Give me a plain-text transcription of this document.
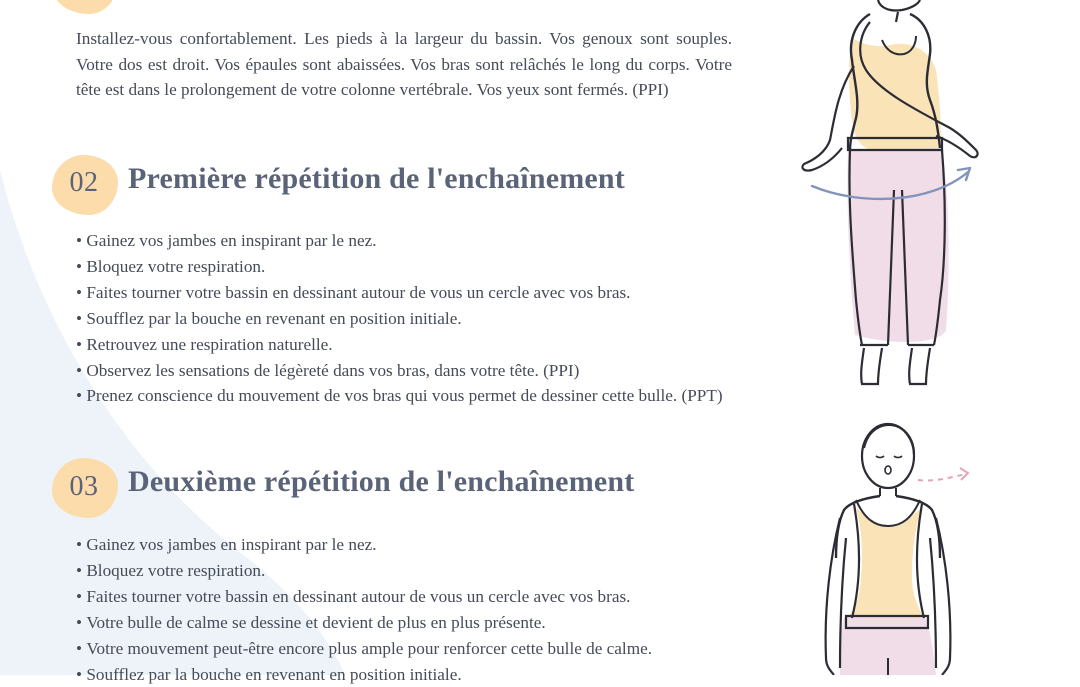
Installez-vous confortablement. Les pieds à la largeur du bassin. Vos genoux sont souples. Votre dos est droit. Vos épaules sont abaissées. Vos bras sont relâchés le long du corps. Votre tête est dans le prolongement de votre colonne vertébrale. Vos yeux sont fermés. (PPI)

02 Première répétition de l'enchaînement
• Gainez vos jambes en inspirant par le nez.
• Bloquez votre respiration.
• Faites tourner votre bassin en dessinant autour de vous un cercle avec vos bras.
• Soufflez par la bouche en revenant en position initiale.
• Retrouvez une respiration naturelle.
• Observez les sensations de légèreté dans vos bras, dans votre tête. (PPI)
• Prenez conscience du mouvement de vos bras qui vous permet de dessiner cette bulle. (PPT)
03 Deuxième répétition de l'enchaînement
• Gainez vos jambes en inspirant par le nez.
• Bloquez votre respiration.
• Faites tourner votre bassin en dessinant autour de vous un cercle avec vos bras.
• Votre bulle de calme se dessine et devient de plus en plus présente.
• Votre mouvement peut-être encore plus ample pour renforcer cette bulle de calme.
• Soufflez par la bouche en revenant en position initiale.
